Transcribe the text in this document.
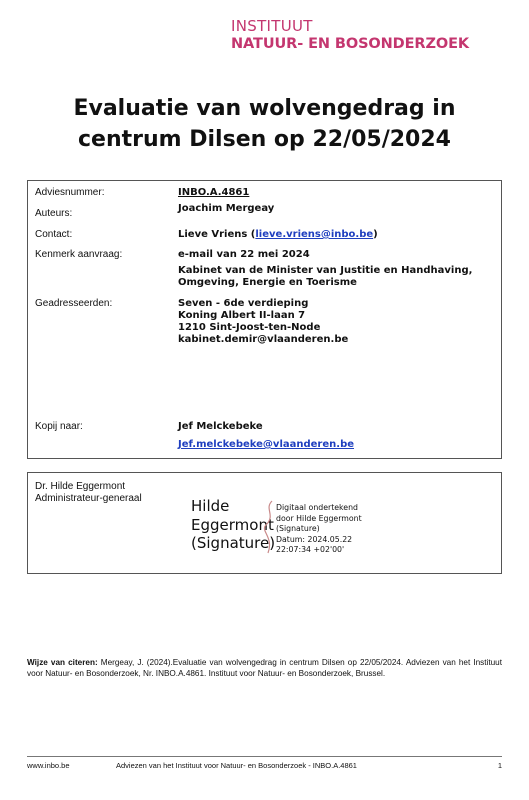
INSTITUUT
NATUUR- EN BOSONDERZOEK
Evaluatie van wolvengedrag in
centrum Dilsen op 22/05/2024
Adviesnummer:	INBO.A.4861
Auteurs:	Joachim Mergeay
Contact:	Lieve Vriens (lieve.vriens@inbo.be)
Kenmerk aanvraag:	e-mail van 22 mei 2024
Kabinet van de Minister van Justitie en Handhaving,
Omgeving, Energie en Toerisme
Geadresseerden:	Seven - 6de verdieping
Koning Albert II-laan 7
1210 Sint-Joost-ten-Node
kabinet.demir@vlaanderen.be
Kopij naar:	Jef Melckebeke
Jef.melckebeke@vlaanderen.be
Dr. Hilde Eggermont
Administrateur-generaal	Hilde
Eggermont
(Signature)
Digitaal ondertekend
door Hilde Eggermont
(Signature)
Datum: 2024.05.22
22:07:34 +02'00'
Wijze van citeren: Mergeay, J. (2024).Evaluatie van wolvengedrag in centrum Dilsen op 22/05/2024. Adviezen van het Instituut voor Natuur- en Bosonderzoek, Nr. INBO.A.4861. Instituut voor Natuur- en Bosonderzoek, Brussel.
www.inbo.be	Adviezen van het Instituut voor Natuur- en Bosonderzoek - INBO.A.4861	1
